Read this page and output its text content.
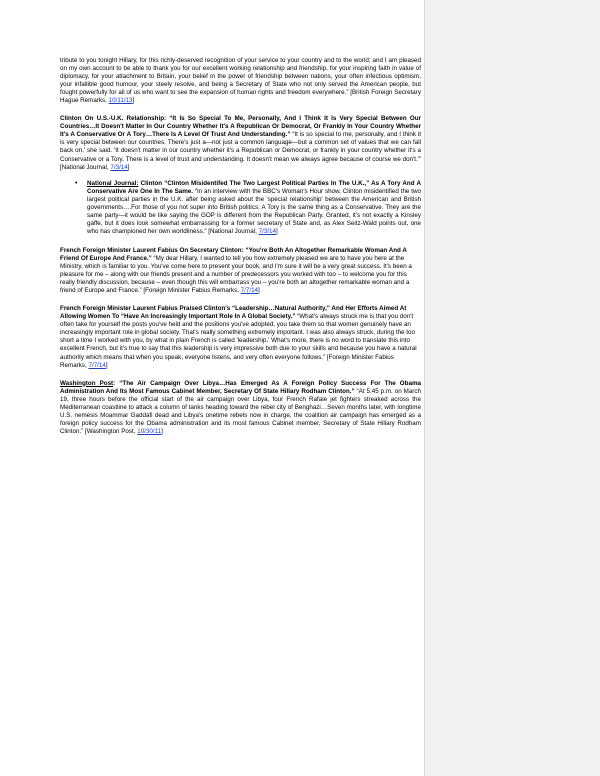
tribute to you tonight Hillary, for this richly-deserved recognition of your service to your country and to the world; and I am pleased on my own account to be able to thank you for our excellent working relationship and friendship, for your inspiring faith in value of diplomacy, for your attachment to Britain, your belief in the power of friendship between nations, your often infectious optimism, your infallible good humour, your steely resolve, and being a Secretary of State who not only served the American people, but fought powerfully for all of us who want to see the expansion of human rights and freedom everywhere.” [British Foreign Secretary Hague Remarks, 10/11/13]

Clinton On U.S.-U.K. Relationship: “It Is So Special To Me, Personally, And I Think It Is Very Special Between Our Countries…It Doesn't Matter In Our Country Whether It's A Republican Or Democrat, Or Frankly In Your Country Whether It's A Conservative Or A Tory…There Is A Level Of Trust And Understanding.” “It is so special to me, personally, and I think it is very special between our countries. There's just a—not just a common language—but a common set of values that we can fall back on,' she said. 'It doesn't matter in our country whether it's a Republican or Democrat, or frankly in your country whether it's a Conservative or a Tory. There is a level of trust and understanding. It doesn't mean we always agree because of course we don't.'” [National Journal, 7/3/14]

• National Journal: Clinton “Clinton Misidentifed The Two Largest Political Parties In The U.K.,” As A Tory And A Conservative Are One In The Same. “In an interview with the BBC's Woman's Hour show, Clinton misidentified the two largest political parties in the U.K. after being asked about the 'special relationship' between the American and British governments….For those of you not super into British politics: A Tory is the same thing as a Conservative. They are the same party—it would be like saying the GOP is different from the Republican Party. Granted, it's not exactly a Kinsley gaffe, but it does look somewhat embarrassing for a former secretary of State and, as Alex Seitz-Wald points out, one who has championed her own worldliness.” [National Journal, 7/3/14]

French Foreign Minister Laurent Fabius On Secretary Clinton: “You're Both An Altogether Remarkable Woman And A Friend Of Europe And France.” “My dear Hillary, I wanted to tell you how extremely pleased we are to have you here at the Ministry, which is familiar to you. You've come here to present your book, and I'm sure it will be a very great success. It's been a pleasure for me – along with our friends present and a number of predecessors you worked with too – to welcome you for this really friendly discussion, because – even though this will embarrass you – you're both an altogether remarkable woman and a friend of Europe and France.” [Foreign Minister Fabius Remarks, 7/7/14]

French Foreign Minister Laurent Fabius Praised Clinton's “Leadership…Natural Authority,” And Her Efforts Aimed At Allowing Women To “Have An Increasingly Important Role In A Global Society.” “What's always struck me is that you don't often take for yourself the posts you've held and the positions you've adopted, you take them so that women genuinely have an increasingly important role in global society. That's really something extremely important. I was also always struck, during the too short a time I worked with you, by what in plain French is called 'leadership.' What's more, there is no word to translate this into excellent French, but it's true to say that this leadership is very impressive both due to your skills and because you have a natural authority which means that when you speak, everyone listens, and very often everyone follows.” [Foreign Minister Fabius Remarks, 7/7/14]

Washington Post: “The Air Campaign Over Libya…Has Emerged As A Foreign Policy Success For The Obama Administration And Its Most Famous Cabinet Member, Secretary Of State Hillary Rodham Clinton.” “At 5:45 p.m. on March 19, three hours before the official start of the air campaign over Libya, four French Rafale jet fighters streaked across the Mediterranean coastline to attack a column of tanks heading toward the rebel city of Benghazi…Seven months later, with longtime U.S. nemesis Moammar Gaddafi dead and Libya's onetime rebels now in charge, the coalition air campaign has emerged as a foreign policy success for the Obama administration and its most famous Cabinet member, Secretary of State Hillary Rodham Clinton.” [Washington Post, 10/30/11]
